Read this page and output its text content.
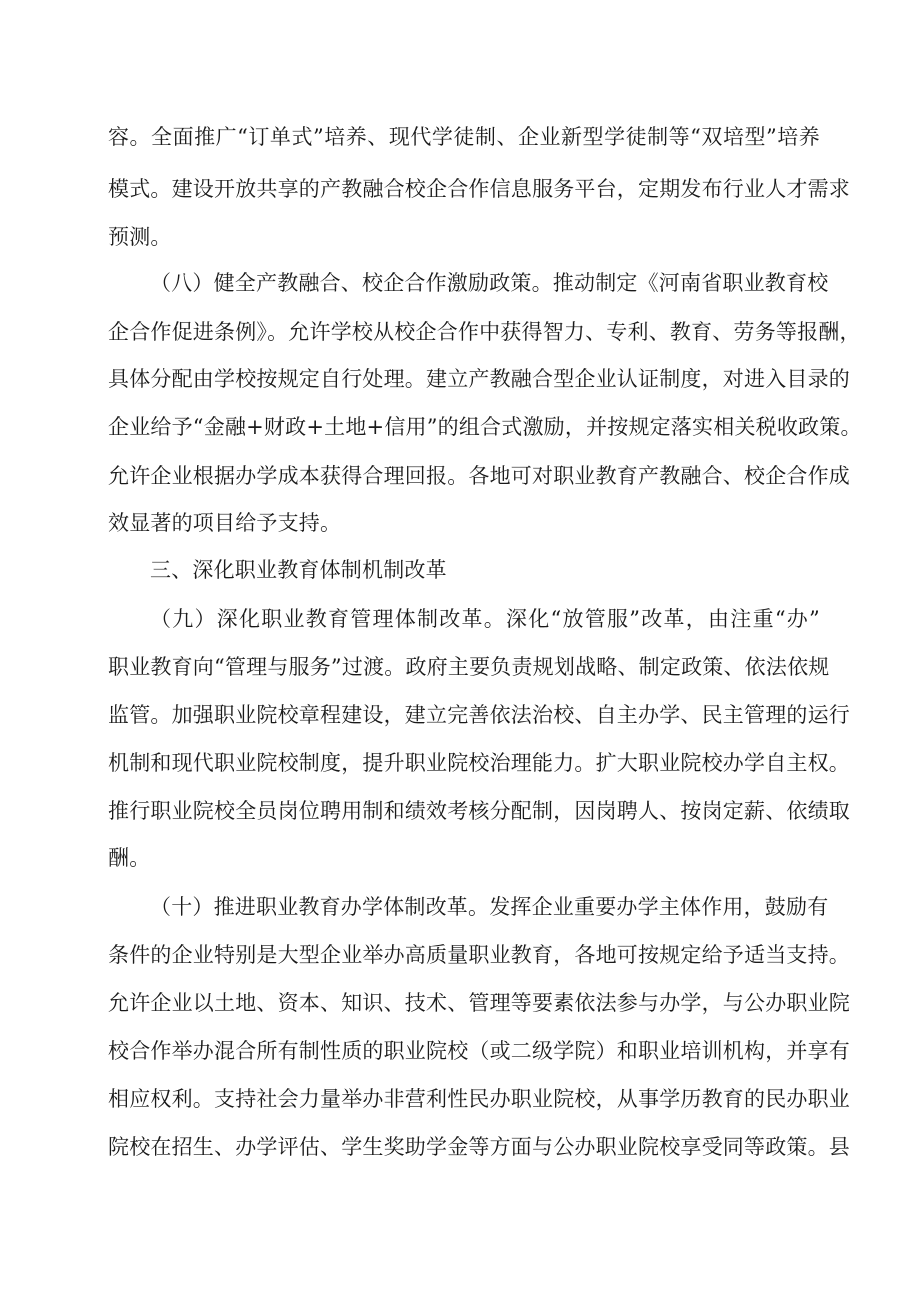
容。全面推广“订单式”培养、现代学徒制、企业新型学徒制等“双培型”培养
模式。建设开放共享的产教融合校企合作信息服务平台，定期发布行业人才需求
预测。
（八）健全产教融合、校企合作激励政策。推动制定《河南省职业教育校
企合作促进条例》。允许学校从校企合作中获得智力、专利、教育、劳务等报酬，
具体分配由学校按规定自行处理。建立产教融合型企业认证制度，对进入目录的
企业给予“金融+财政+土地+信用”的组合式激励，并按规定落实相关税收政策。
允许企业根据办学成本获得合理回报。各地可对职业教育产教融合、校企合作成
效显著的项目给予支持。
三、深化职业教育体制机制改革
（九）深化职业教育管理体制改革。深化“放管服”改革，由注重“办”
职业教育向“管理与服务”过渡。政府主要负责规划战略、制定政策、依法依规
监管。加强职业院校章程建设，建立完善依法治校、自主办学、民主管理的运行
机制和现代职业院校制度，提升职业院校治理能力。扩大职业院校办学自主权。
推行职业院校全员岗位聘用制和绩效考核分配制，因岗聘人、按岗定薪、依绩取
酬。
（十）推进职业教育办学体制改革。发挥企业重要办学主体作用，鼓励有
条件的企业特别是大型企业举办高质量职业教育，各地可按规定给予适当支持。
允许企业以土地、资本、知识、技术、管理等要素依法参与办学，与公办职业院
校合作举办混合所有制性质的职业院校（或二级学院）和职业培训机构，并享有
相应权利。支持社会力量举办非营利性民办职业院校，从事学历教育的民办职业
院校在招生、办学评估、学生奖助学金等方面与公办职业院校享受同等政策。县
